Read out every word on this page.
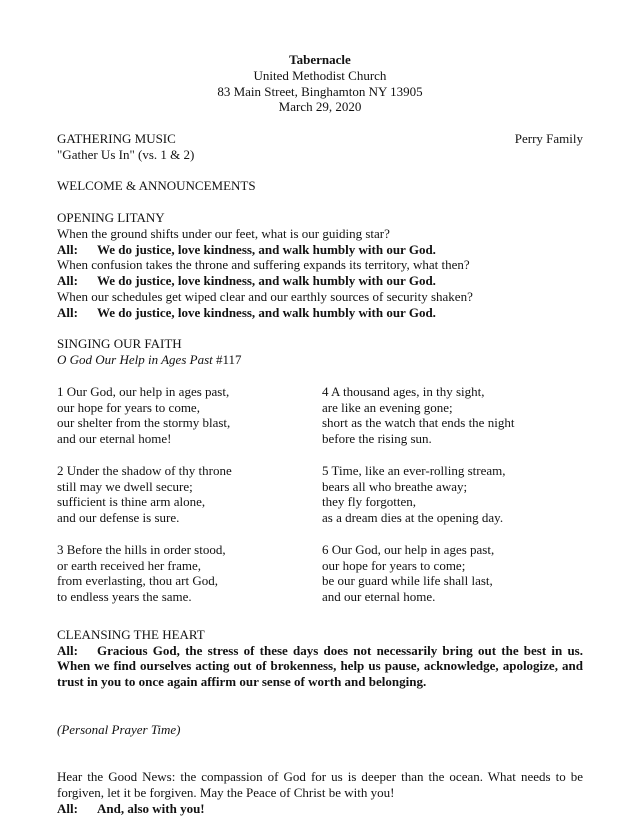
Tabernacle
United Methodist Church
83 Main Street, Binghamton NY 13905
March 29, 2020
GATHERING MUSIC	Perry Family
"Gather Us In" (vs. 1 & 2)
WELCOME & ANNOUNCEMENTS
OPENING LITANY
When the ground shifts under our feet, what is our guiding star?
All: We do justice, love kindness, and walk humbly with our God.
When confusion takes the throne and suffering expands its territory, what then?
All: We do justice, love kindness, and walk humbly with our God.
When our schedules get wiped clear and our earthly sources of security shaken?
All: We do justice, love kindness, and walk humbly with our God.
SINGING OUR FAITH
O God Our Help in Ages Past #117
1 Our God, our help in ages past,
our hope for years to come,
our shelter from the stormy blast,
and our eternal home!
2 Under the shadow of thy throne
still may we dwell secure;
sufficient is thine arm alone,
and our defense is sure.
3 Before the hills in order stood,
or earth received her frame,
from everlasting, thou art God,
to endless years the same.
4 A thousand ages, in thy sight,
are like an evening gone;
short as the watch that ends the night
before the rising sun.
5 Time, like an ever-rolling stream,
bears all who breathe away;
they fly forgotten,
as a dream dies at the opening day.
6 Our God, our help in ages past,
our hope for years to come;
be our guard while life shall last,
and our eternal home.
CLEANSING THE HEART
All: Gracious God, the stress of these days does not necessarily bring out the best in us. When we find ourselves acting out of brokenness, help us pause, acknowledge, apologize, and trust in you to once again affirm our sense of worth and belonging.
(Personal Prayer Time)
Hear the Good News: the compassion of God for us is deeper than the ocean. What needs to be forgiven, let it be forgiven. May the Peace of Christ be with you!
All: And, also with you!
